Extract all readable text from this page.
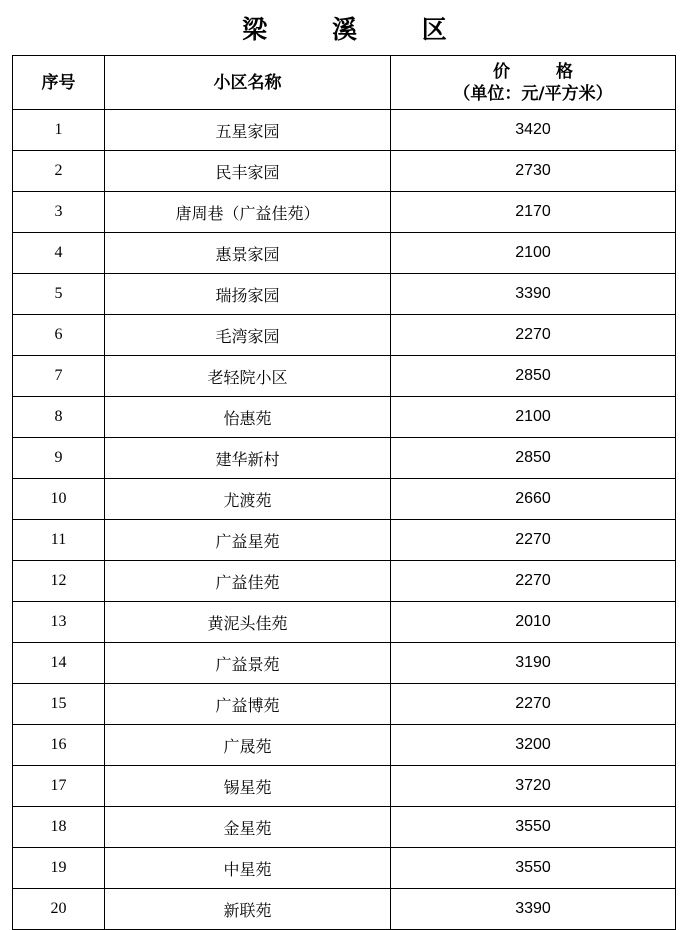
梁 溪 区
序号	小区名称	价 格
（单位：元/平方米）

1	五星家园	3420
2	民丰家园	2730
3	唐周巷（广益佳苑）	2170
4	惠景家园	2100
5	瑞扬家园	3390
6	毛湾家园	2270
7	老轻院小区	2850
8	怡惠苑	2100
9	建华新村	2850
10	尤渡苑	2660
11	广益星苑	2270
12	广益佳苑	2270
13	黄泥头佳苑	2010
14	广益景苑	3190
15	广益博苑	2270
16	广晟苑	3200
17	锡星苑	3720
18	金星苑	3550
19	中星苑	3550
20	新联苑	3390
